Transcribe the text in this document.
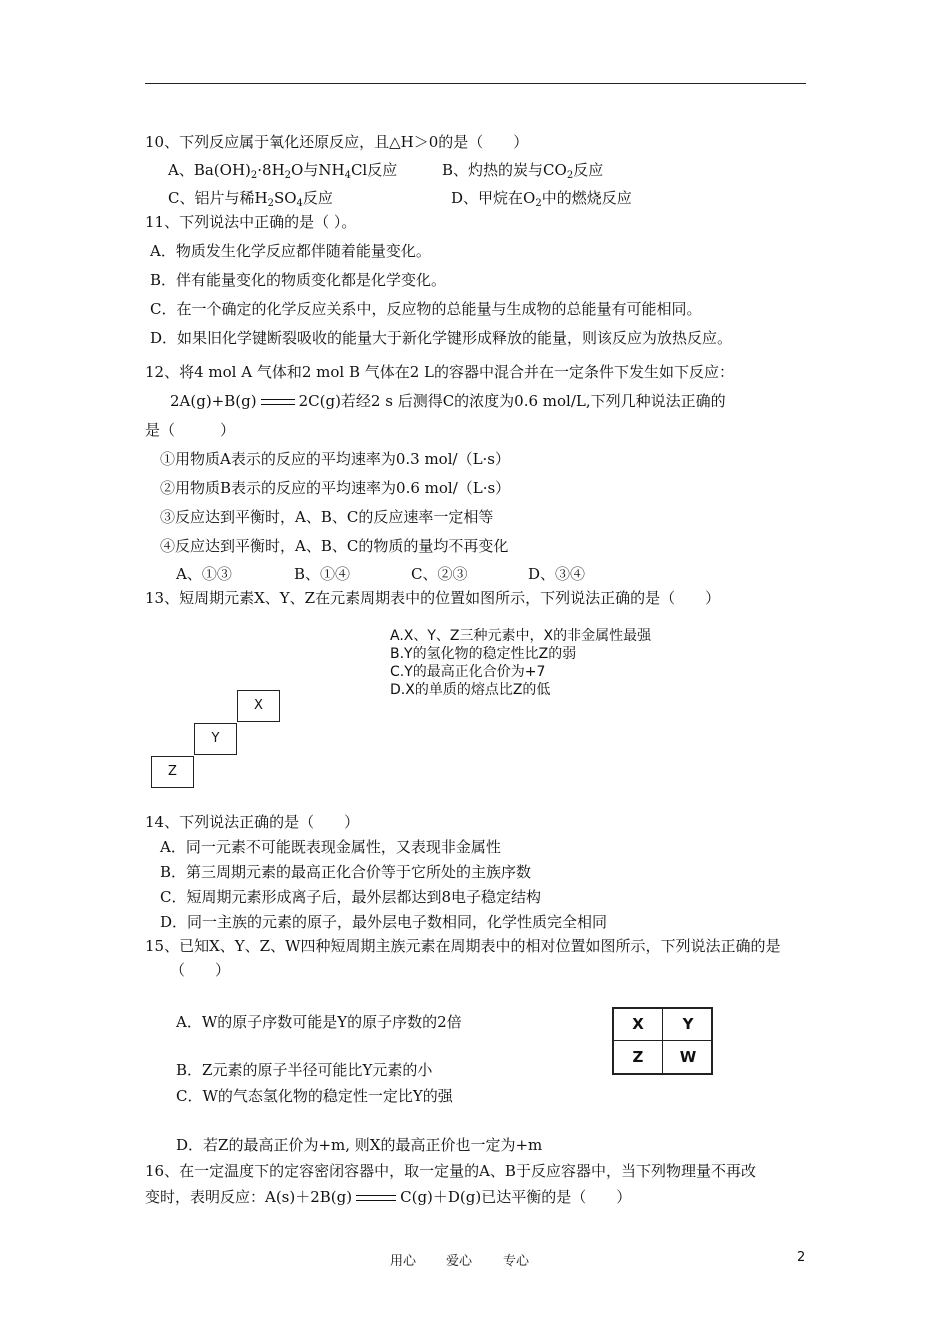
10、下列反应属于氧化还原反应，且△H＞0的是（　　）
A、$Ba(OH)_2\cdot 8H_2O$与$NH_4Cl$反应	B、灼热的炭与$CO_2$反应
C、铝片与稀$H_2SO_4$反应	D、甲烷在$O_2$中的燃烧反应
11、下列说法中正确的是（ ）。
A．物质发生化学反应都伴随着能量变化。
B．伴有能量变化的物质变化都是化学变化。
C．在一个确定的化学反应关系中，反应物的总能量与生成物的总能量有可能相同。
D．如果旧化学键断裂吸收的能量大于新化学键形成释放的能量，则该反应为放热反应。
12、将4 mol A 气体和2 mol B 气体在2 L的容器中混合并在一定条件下发生如下反应：
2A(g)+B(g)	2C(g)若经2 s 后测得C的浓度为0.6 mol/L,下列几种说法正确的
是（　　　）
①用物质A表示的反应的平均速率为0.3 mol/（L·s）
②用物质B表示的反应的平均速率为0.6 mol/（L·s）
③反应达到平衡时，A、B、C的反应速率一定相等
④反应达到平衡时，A、B、C的物质的量均不再变化
A、①③	B、①④	C、②③	D、③④
13、短周期元素X、Y、Z在元素周期表中的位置如图所示，下列说法正确的是（　　）
A.X、Y、Z三种元素中，X的非金属性最强
B.Y的氢化物的稳定性比Z的弱
C.Y的最高正化合价为+7
D.X的单质的熔点比Z的低
X
Y
Z
14、下列说法正确的是（　　）
A．同一元素不可能既表现金属性，又表现非金属性
B．第三周期元素的最高正化合价等于它所处的主族序数
C．短周期元素形成离子后，最外层都达到8电子稳定结构
D．同一主族的元素的原子，最外层电子数相同，化学性质完全相同
15、已知X、Y、Z、W四种短周期主族元素在周期表中的相对位置如图所示，下列说法正确的是
（　　）
A．W的原子序数可能是Y的原子序数的2倍
B．Z元素的原子半径可能比Y元素的小
C．W的气态氢化物的稳定性一定比Y的强
D．若Z的最高正价为+m, 则X的最高正价也一定为+m
X	Y
Z	W
16、在一定温度下的定容密闭容器中，取一定量的A、B于反应容器中，当下列物理量不再改
变时，表明反应：A(s)＋2B(g)	C(g)＋D(g)已达平衡的是（　　）
用心 爱心 专心	2
